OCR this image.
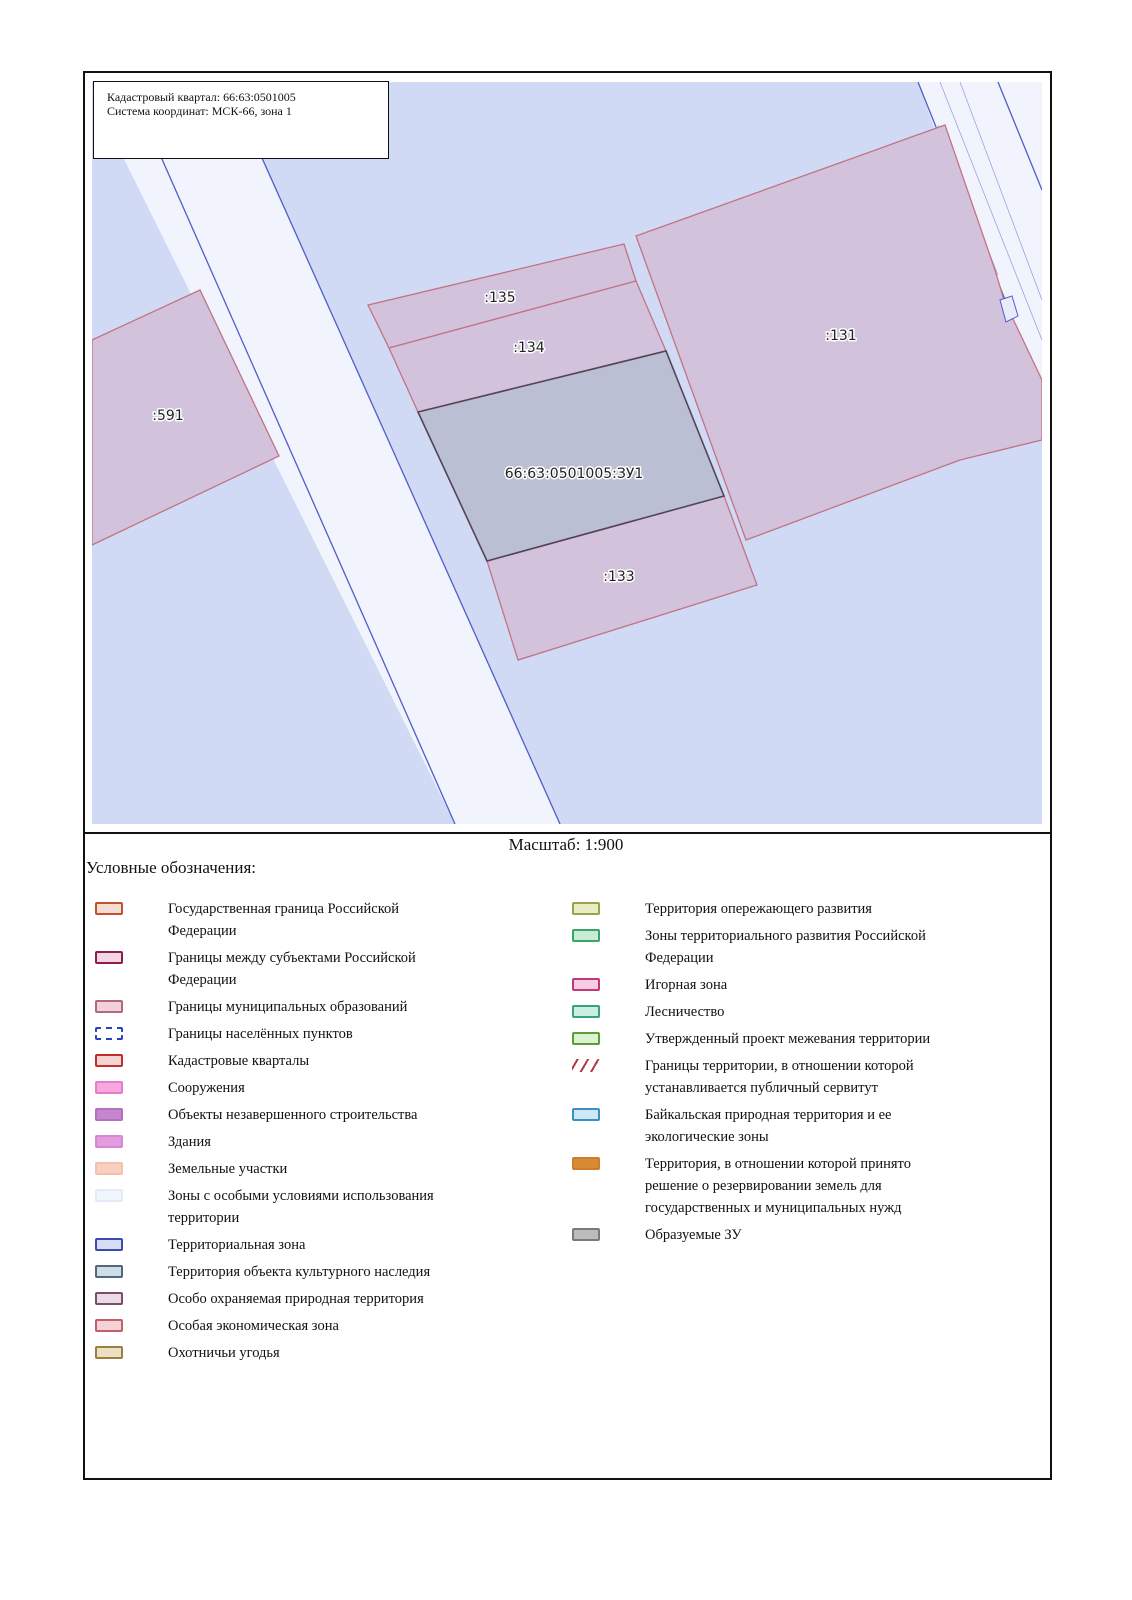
:135
:134
:131
:591
66:63:0501005:ЗУ1
:133
Кадастровый квартал: 66:63:0501005
Система координат: МСК-66, зона 1
Масштаб: 1:900
Условные обозначения:
Государственная граница Российской Федерации
Границы между субъектами Российской Федерации
Границы муниципальных образований
Границы населённых пунктов
Кадастровые кварталы
Сооружения
Объекты незавершенного строительства
Здания
Земельные участки
Зоны с особыми условиями использования территории
Территориальная зона
Территория объекта культурного наследия
Особо охраняемая природная территория
Особая экономическая зона
Охотничьи угодья
Территория опережающего развития
Зоны территориального развития Российской Федерации
Игорная зона
Лесничество
Утвержденный проект межевания территории
Границы территории, в отношении которой устанавливается публичный сервитут
Байкальская природная территория и ее экологические зоны
Территория, в отношении которой принято решение о резервировании земель для государственных и муниципальных нужд
Образуемые ЗУ
